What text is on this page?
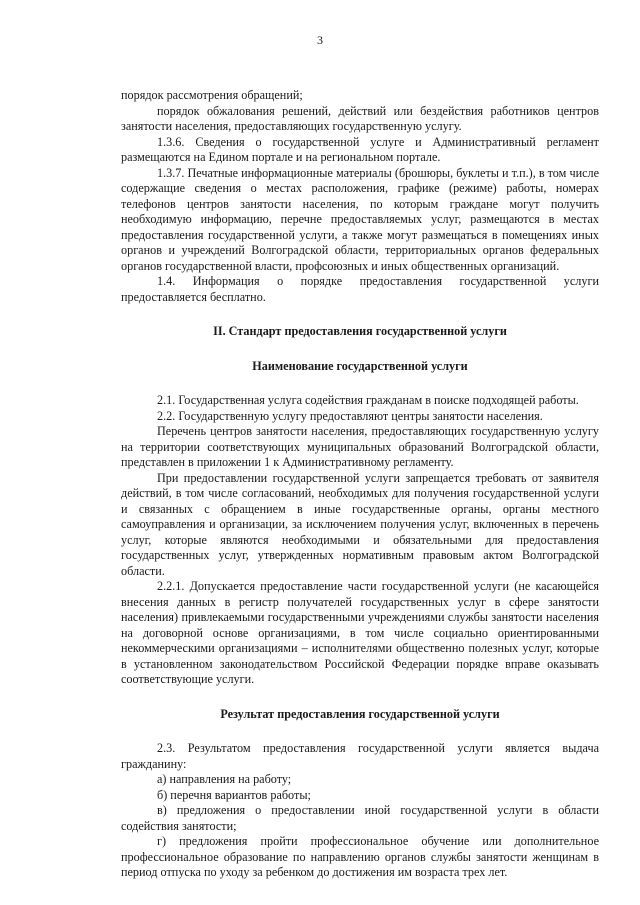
3

порядок рассмотрения обращений;

порядок обжалования решений, действий или бездействия работников центров занятости населения, предоставляющих государственную услугу.

1.3.6. Сведения о государственной услуге и Административный регламент размещаются на Едином портале и на региональном портале.

1.3.7. Печатные информационные материалы (брошюры, буклеты и т.п.), в том числе содержащие сведения о местах расположения, графике (режиме) работы, номерах телефонов центров занятости населения, по которым граждане могут получить необходимую информацию, перечне предоставляемых услуг, размещаются в местах предоставления государственной услуги, а также могут размещаться в помещениях иных органов и учреждений Волгоградской области, территориальных органов федеральных органов государственной власти, профсоюзных и иных общественных организаций.

1.4. Информация о порядке предоставления государственной услуги предоставляется бесплатно.

II. Стандарт предоставления государственной услуги
Наименование государственной услуги

2.1. Государственная услуга содействия гражданам в поиске подходящей работы.

2.2. Государственную услугу предоставляют центры занятости населения.

Перечень центров занятости населения, предоставляющих государственную услугу на территории соответствующих муниципальных образований Волгоградской области, представлен в приложении 1 к Административному регламенту.

При предоставлении государственной услуги запрещается требовать от заявителя действий, в том числе согласований, необходимых для получения государственной услуги и связанных с обращением в иные государственные органы, органы местного самоуправления и организации, за исключением получения услуг, включенных в перечень услуг, которые являются необходимыми и обязательными для предоставления государственных услуг, утвержденных нормативным правовым актом Волгоградской области.

2.2.1. Допускается предоставление части государственной услуги (не касающейся внесения данных в регистр получателей государственных услуг в сфере занятости населения) привлекаемыми государственными учреждениями службы занятости населения на договорной основе организациями, в том числе социально ориентированными некоммерческими организациями – исполнителями общественно полезных услуг, которые в установленном законодательством Российской Федерации порядке вправе оказывать соответствующие услуги.

Результат предоставления государственной услуги

2.3. Результатом предоставления государственной услуги является выдача гражданину:

а) направления на работу;

б) перечня вариантов работы;

в) предложения о предоставлении иной государственной услуги в области содействия занятости;

г) предложения пройти профессиональное обучение или дополнительное профессиональное образование по направлению органов службы занятости женщинам в период отпуска по уходу за ребенком до достижения им возраста трех лет.
